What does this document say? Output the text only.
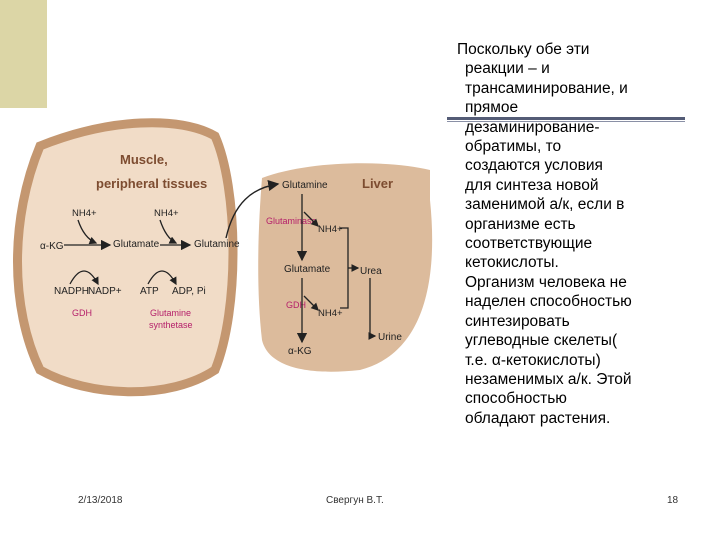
Muscle,
peripheral tissues	Liver
NH4+	NH4+
α-KG	Glutamate	Glutamine
NADPH
NADP+ ATP ADP, Pi
GDH	Glutamine
synthetase
Glutamine
Glutaminase
NH4+
Glutamate
GDH
NH4+
α-KG
Urea
Urine
Поскольку обе эти
реакции – и
трансаминирование, и
прямое
дезаминирование-
обратимы, то
создаются условия
для синтеза новой
заменимой а/к, если в
организме есть
соответствующие
кетокислоты.
Организм человека не
наделен способностью
синтезировать
углеводные скелеты(
т.е. α-кетокислоты)
незаменимых а/к. Этой
способностью
обладают растения.
2/13/2018	Свергун В.Т.	18
